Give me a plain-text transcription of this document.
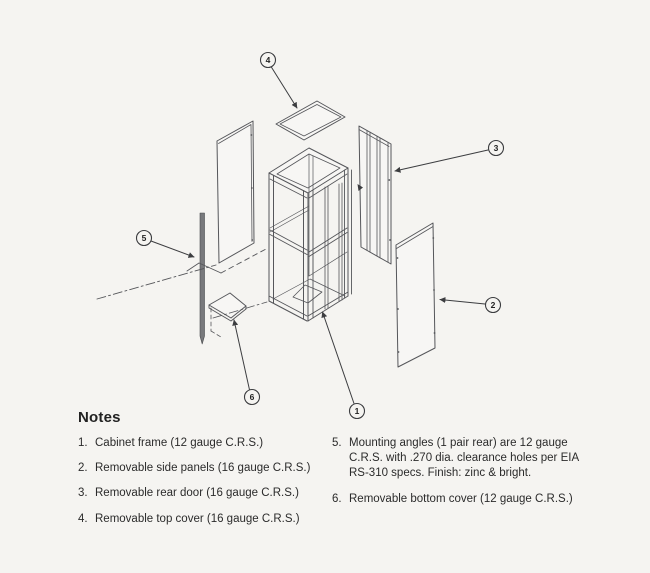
4
3
2
1
5
6
Notes
1. Cabinet frame (12 gauge C.R.S.)
2. Removable side panels (16 gauge C.R.S.)
3. Removable rear door (16 gauge C.R.S.)
4. Removable top cover (16 gauge C.R.S.)
5. Mounting angles (1 pair rear) are 12 gauge C.R.S. with .270 dia. clearance holes per EIA RS-310 specs. Finish: zinc & bright.
6. Removable bottom cover (12 gauge C.R.S.)
